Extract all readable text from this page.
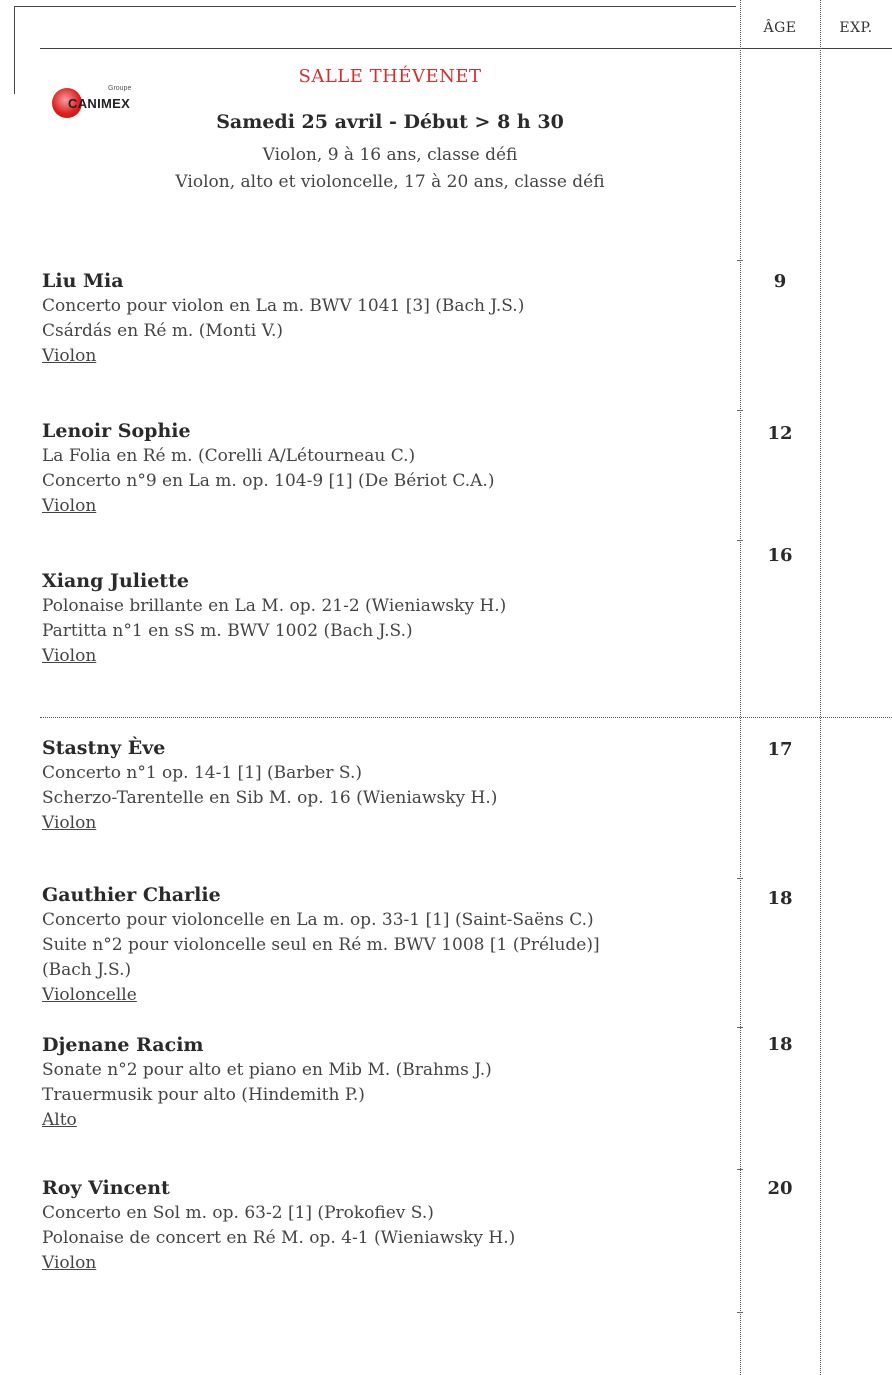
ÂGE	EXP.
Groupe
CANIMEX
SALLE THÉVENET
Samedi 25 avril - Début > 8 h 30
Violon, 9 à 16 ans, classe défi
Violon, alto et violoncelle, 17 à 20 ans, classe défi
Liu Mia
Concerto pour violon en La m. BWV 1041 [3] (Bach J.S.)
Csárdás en Ré m. (Monti V.)
Violon
9
Lenoir Sophie
La Folia en Ré m. (Corelli A/Létourneau C.)
Concerto n°9 en La m. op. 104-9 [1] (De Bériot C.A.)
Violon
12
Xiang Juliette
Polonaise brillante en La M. op. 21-2 (Wieniawsky H.)
Partitta n°1 en sS m. BWV 1002 (Bach J.S.)
Violon
16
Stastny Ève
Concerto n°1 op. 14-1 [1] (Barber S.)
Scherzo-Tarentelle en Sib M. op. 16 (Wieniawsky H.)
Violon
17
Gauthier Charlie
Concerto pour violoncelle en La m. op. 33-1 [1] (Saint-Saëns C.)
Suite n°2 pour violoncelle seul en Ré m. BWV 1008 [1 (Prélude)]
(Bach J.S.)
Violoncelle
18
Djenane Racim
Sonate n°2 pour alto et piano en Mib M. (Brahms J.)
Trauermusik pour alto (Hindemith P.)
Alto
18
Roy Vincent
Concerto en Sol m. op. 63-2 [1] (Prokofiev S.)
Polonaise de concert en Ré M. op. 4-1 (Wieniawsky H.)
Violon
20
